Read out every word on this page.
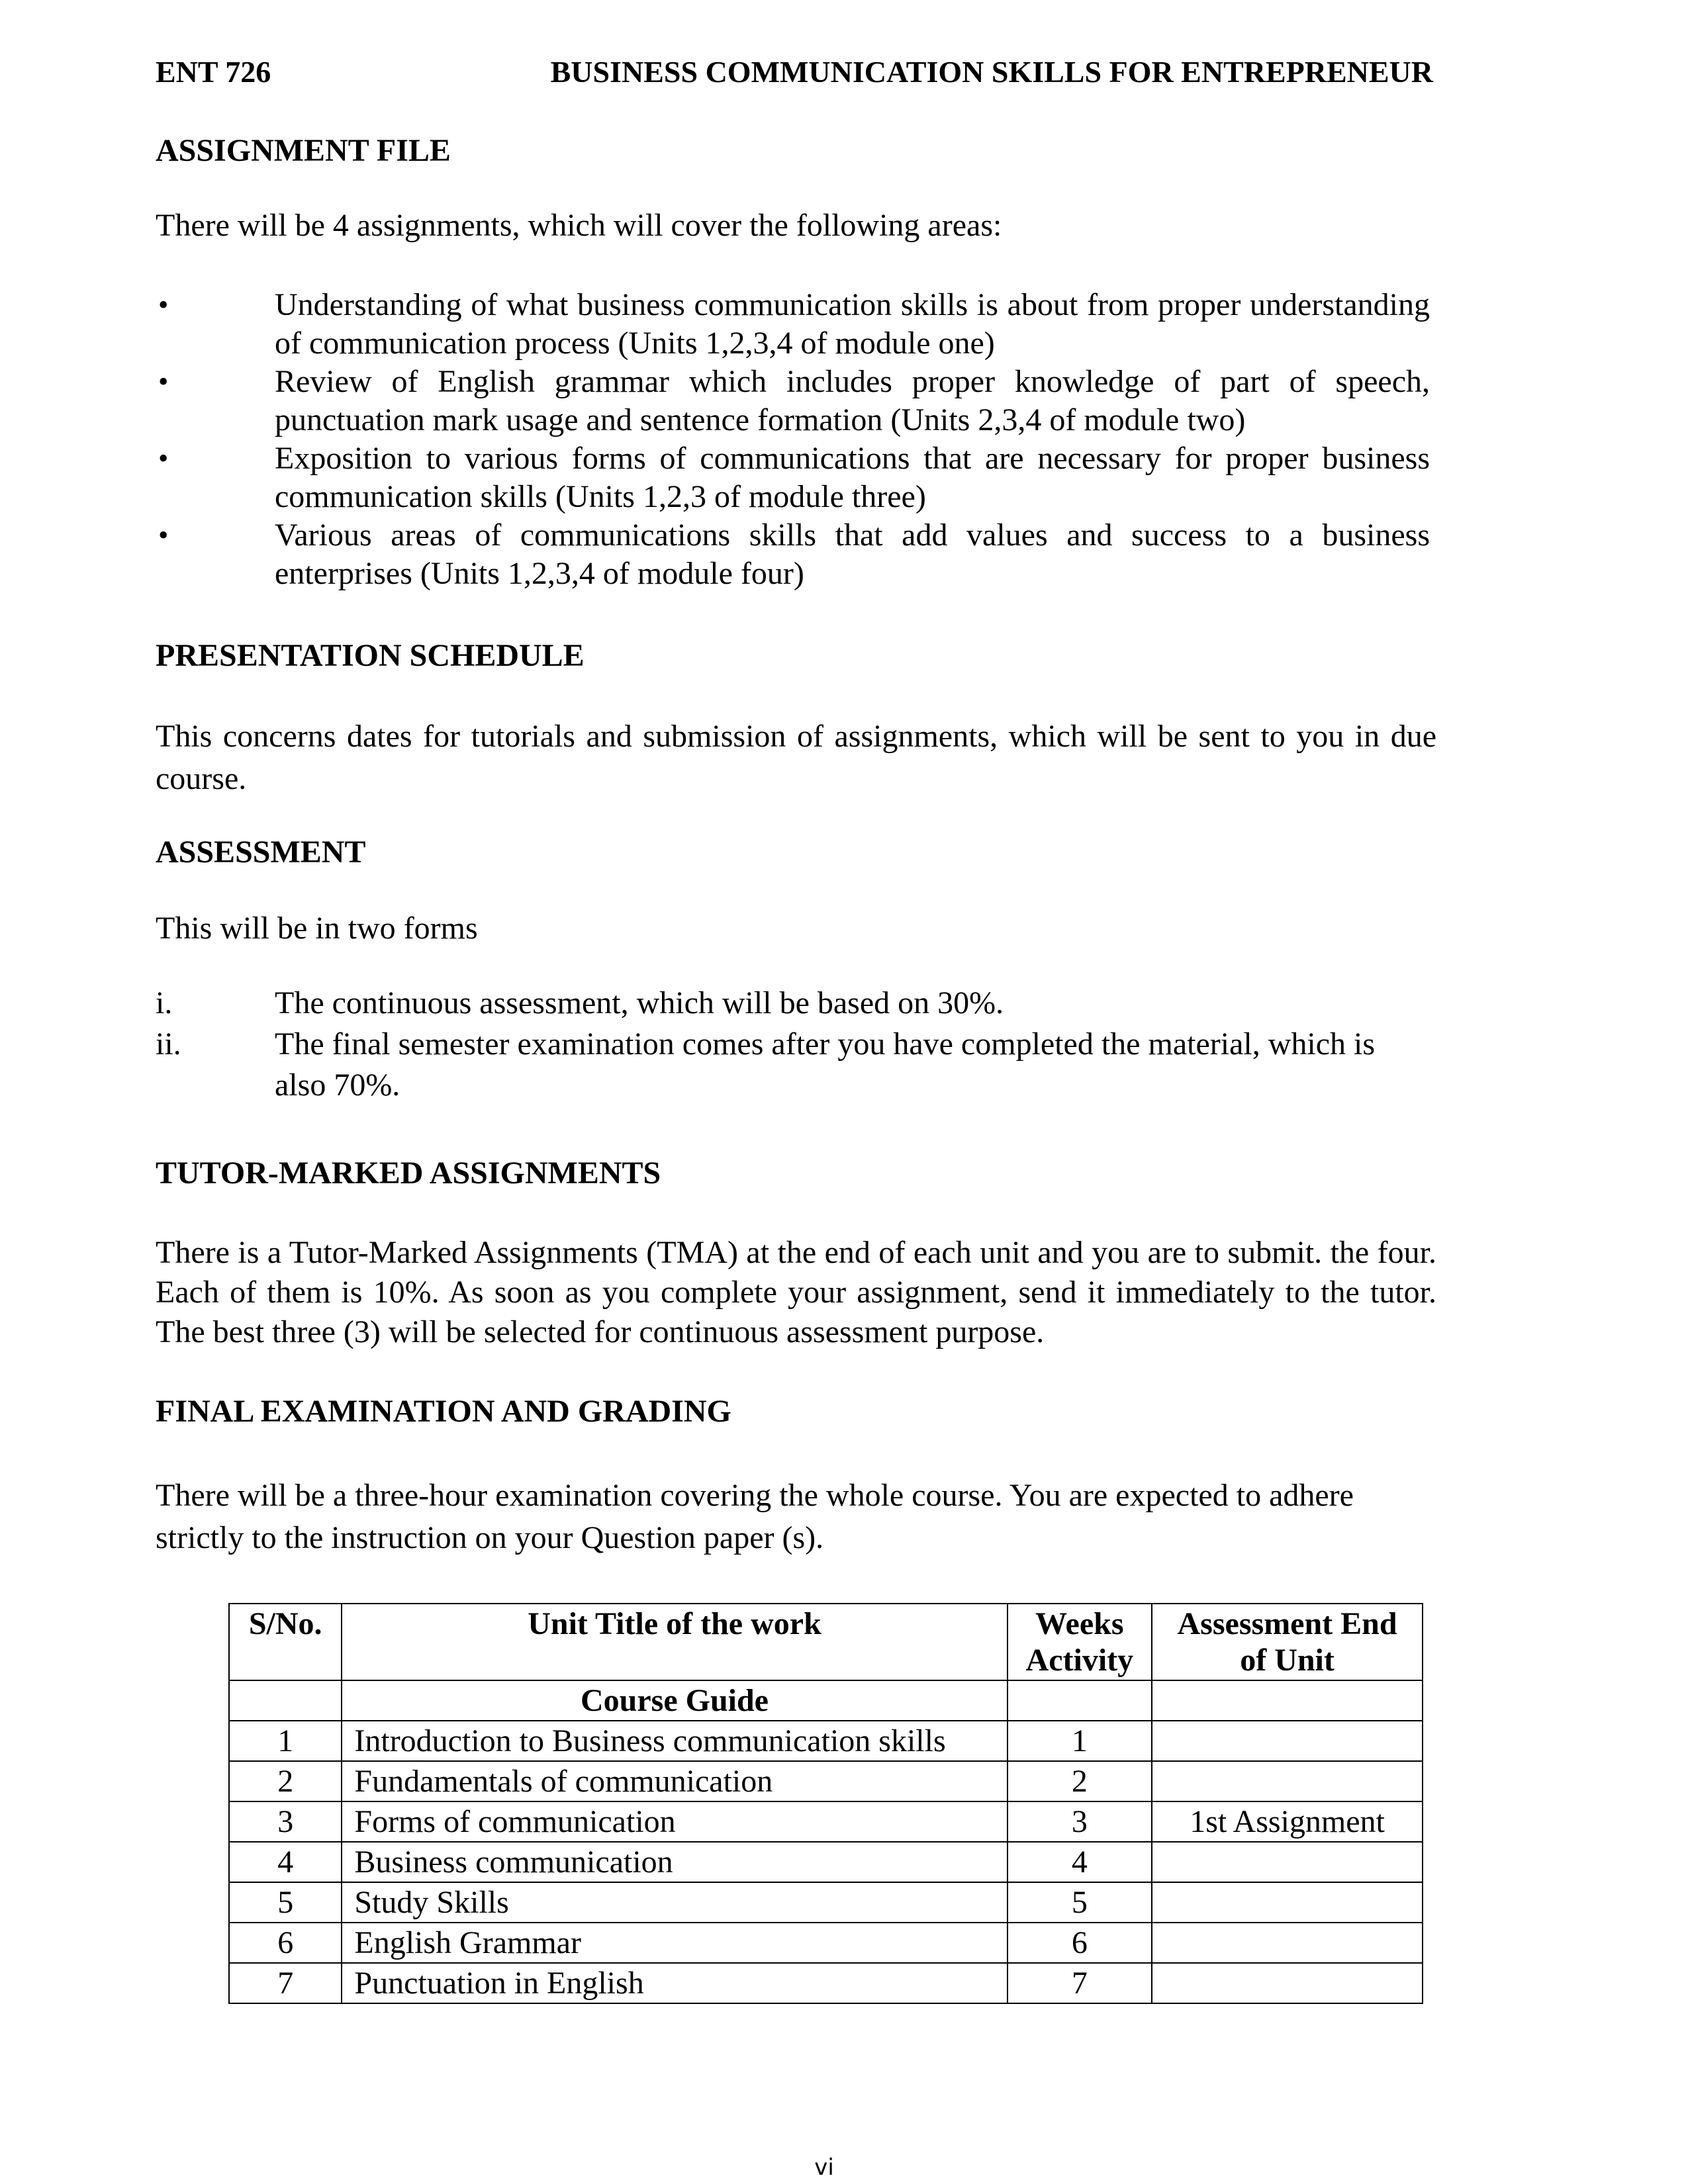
ENT 726	BUSINESS COMMUNICATION SKILLS FOR ENTREPRENEUR
ASSIGNMENT FILE

There will be 4 assignments, which will cover the following areas:

•	Understanding of what business communication skills is about from proper understanding of communication process (Units 1,2,3,4 of module one)
•	Review of English grammar which includes proper knowledge of part of speech, punctuation mark usage and sentence formation (Units 2,3,4 of module two)
•	Exposition to various forms of communications that are necessary for proper business communication skills (Units 1,2,3 of module three)
•	Various areas of communications skills that add values and success to a business enterprises (Units 1,2,3,4 of module four)
PRESENTATION SCHEDULE

This concerns dates for tutorials and submission of assignments, which will be sent to you in due course.

ASSESSMENT

This will be in two forms

i.	The continuous assessment, which will be based on 30%.
ii.	The final semester examination comes after you have completed the material, which is also 70%.
TUTOR-MARKED ASSIGNMENTS

There is a Tutor-Marked Assignments (TMA) at the end of each unit and you are to submit. the four. Each of them is 10%. As soon as you complete your assignment, send it immediately to the tutor. The best three (3) will be selected for continuous assessment purpose.

FINAL EXAMINATION AND GRADING

There will be a three-hour examination covering the whole course. You are expected to adhere strictly to the instruction on your Question paper (s).

S/No.	Unit Title of the work	Weeks Activity	Assessment End of Unit
	Course Guide		
1	Introduction to Business communication skills	1	
2	Fundamentals of communication	2	
3	Forms of communication	3	1st Assignment
4	Business communication	4	
5	Study Skills	5	
6	English Grammar	6	
7	Punctuation in English	7	
vi
